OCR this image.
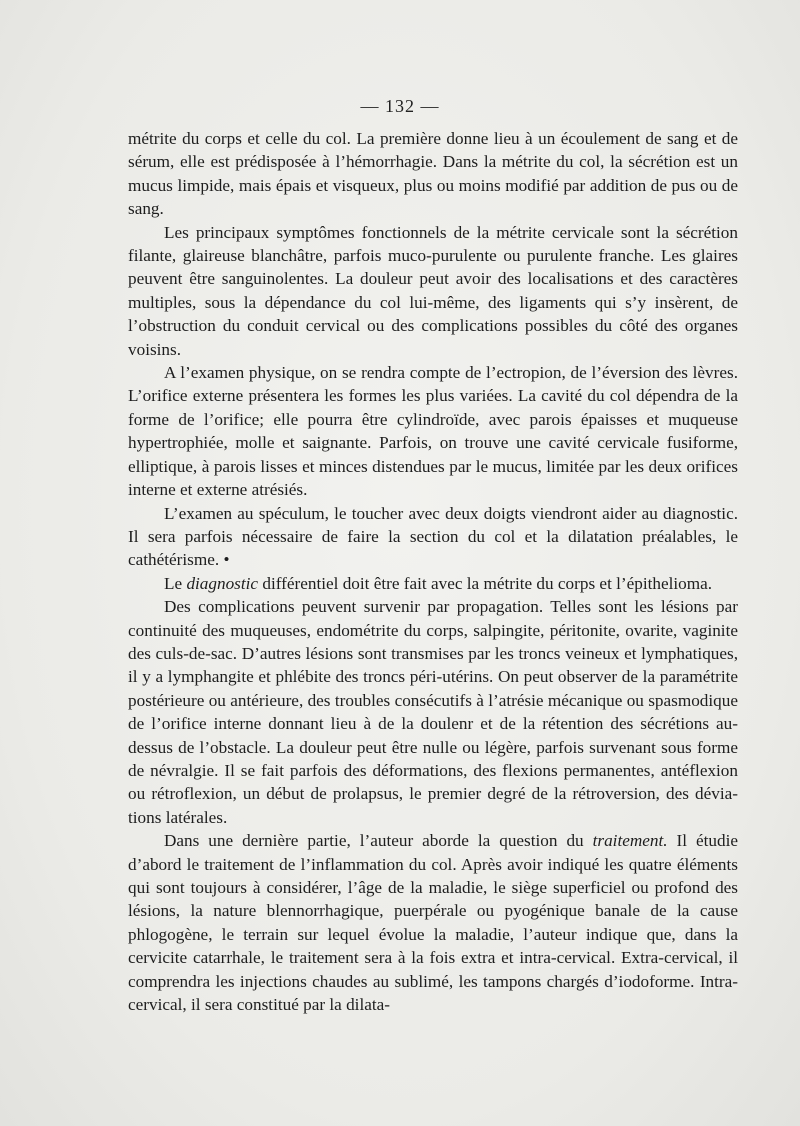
— 132 —

métrite du corps et celle du col. La première donne lieu à un écoulement de sang et de sérum, elle est prédisposée à l’hémorrhagie. Dans la métrite du col, la sécrétion est un mucus limpide, mais épais et visqueux, plus ou moins modifié par addition de pus ou de sang.

Les principaux symptômes fonctionnels de la métrite cervicale sont la sécrétion filante, glaireuse blanchâtre, parfois muco-purulente ou purulente franche. Les glaires peuvent être sanguinolentes. La douleur peut avoir des localisations et des caractères multiples, sous la dépendance du col lui-même, des ligaments qui s’y insèrent, de l’obstruction du conduit cervical ou des complications possibles du côté des organes voisins.

A l’examen physique, on se rendra compte de l’ectropion, de l’éversion des lèvres. L’orifice externe présentera les formes les plus variées. La cavité du col dépendra de la forme de l’orifice; elle pourra être cylindroïde, avec parois épaisses et muqueuse hypertrophiée, molle et saignante. Parfois, on trouve une cavité cervicale fusiforme, elliptique, à parois lisses et minces distendues par le mucus, limitée par les deux orifices interne et externe atrésiés.

L’examen au spéculum, le toucher avec deux doigts viendront aider au diagnostic. Il sera parfois nécessaire de faire la section du col et la dilatation préalables, le cathétérisme. •

Le diagnostic différentiel doit être fait avec la métrite du corps et l’épithelioma.

Des complications peuvent survenir par propagation. Telles sont les lésions par continuité des muqueuses, endométrite du corps, salpingite, péritonite, ovarite, vaginite des culs-de-sac. D’autres lésions sont transmises par les troncs veineux et lymphatiques, il y a lymphangite et phlébite des troncs péri-utérins. On peut observer de la paramétrite postérieure ou antérieure, des troubles consécutifs à l’atrésie mécanique ou spasmodique de l’orifice interne donnant lieu à de la doulenr et de la rétention des sécrétions au-dessus de l’obstacle. La douleur peut être nulle ou légère, parfois survenant sous forme de névralgie. Il se fait parfois des déformations, des flexions permanentes, antéflexion ou rétroflexion, un début de prolapsus, le premier degré de la rétroversion, des déviations latérales.

Dans une dernière partie, l’auteur aborde la question du traitement. Il étudie d’abord le traitement de l’inflammation du col. Après avoir indiqué les quatre éléments qui sont toujours à considérer, l’âge de la maladie, le siège superficiel ou profond des lésions, la nature blennorrhagique, puerpérale ou pyogénique banale de la cause phlogogène, le terrain sur lequel évolue la maladie, l’auteur indique que, dans la cervicite catarrhale, le traitement sera à la fois extra et intra-cervical. Extra-cervical, il comprendra les injections chaudes au sublimé, les tampons chargés d’iodoforme. Intra-cervical, il sera constitué par la dilata-
